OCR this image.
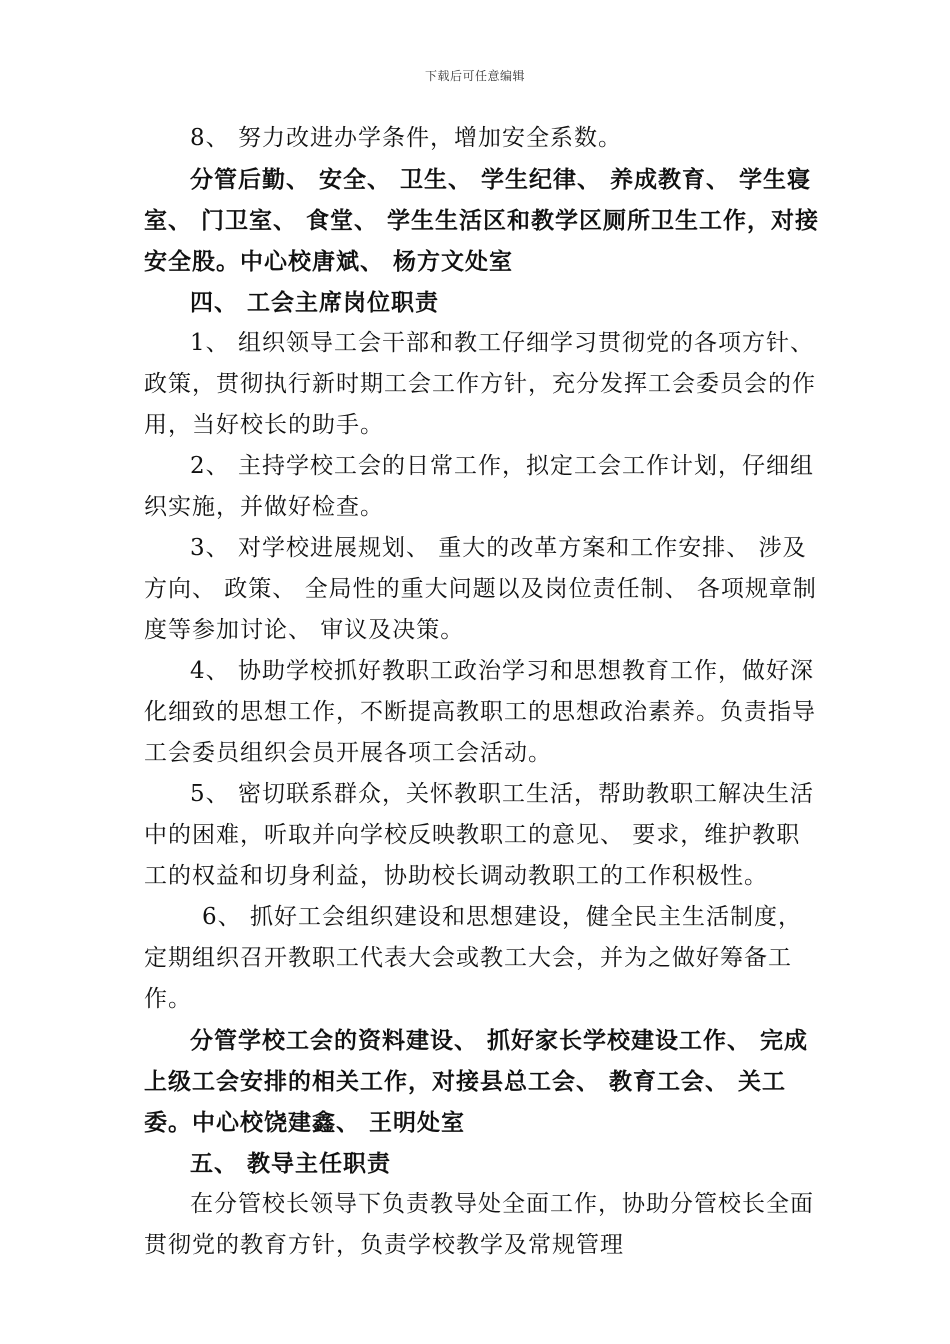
下载后可任意编辑

8、 努力改进办学条件，增加安全系数。

分管后勤、 安全、 卫生、 学生纪律、 养成教育、 学生寝室、 门卫室、 食堂、 学生生活区和教学区厕所卫生工作，对接安全股。中心校唐斌、 杨方文处室

四、 工会主席岗位职责

1、 组织领导工会干部和教工仔细学习贯彻党的各项方针、政策，贯彻执行新时期工会工作方针，充分发挥工会委员会的作用，当好校长的助手。

2、 主持学校工会的日常工作，拟定工会工作计划，仔细组织实施，并做好检查。

3、 对学校进展规划、 重大的改革方案和工作安排、 涉及方向、 政策、 全局性的重大问题以及岗位责任制、 各项规章制度等参加讨论、 审议及决策。

4、 协助学校抓好教职工政治学习和思想教育工作，做好深化细致的思想工作，不断提高教职工的思想政治素养。负责指导工会委员组织会员开展各项工会活动。

5、 密切联系群众，关怀教职工生活，帮助教职工解决生活中的困难，听取并向学校反映教职工的意见、 要求，维护教职工的权益和切身利益，协助校长调动教职工的工作积极性。

6、 抓好工会组织建设和思想建设，健全民主生活制度，定期组织召开教职工代表大会或教工大会，并为之做好筹备工作。

分管学校工会的资料建设、 抓好家长学校建设工作、 完成上级工会安排的相关工作，对接县总工会、 教育工会、 关工委。中心校饶建鑫、 王明处室

五、 教导主任职责

在分管校长领导下负责教导处全面工作，协助分管校长全面贯彻党的教育方针，负责学校教学及常规管理
